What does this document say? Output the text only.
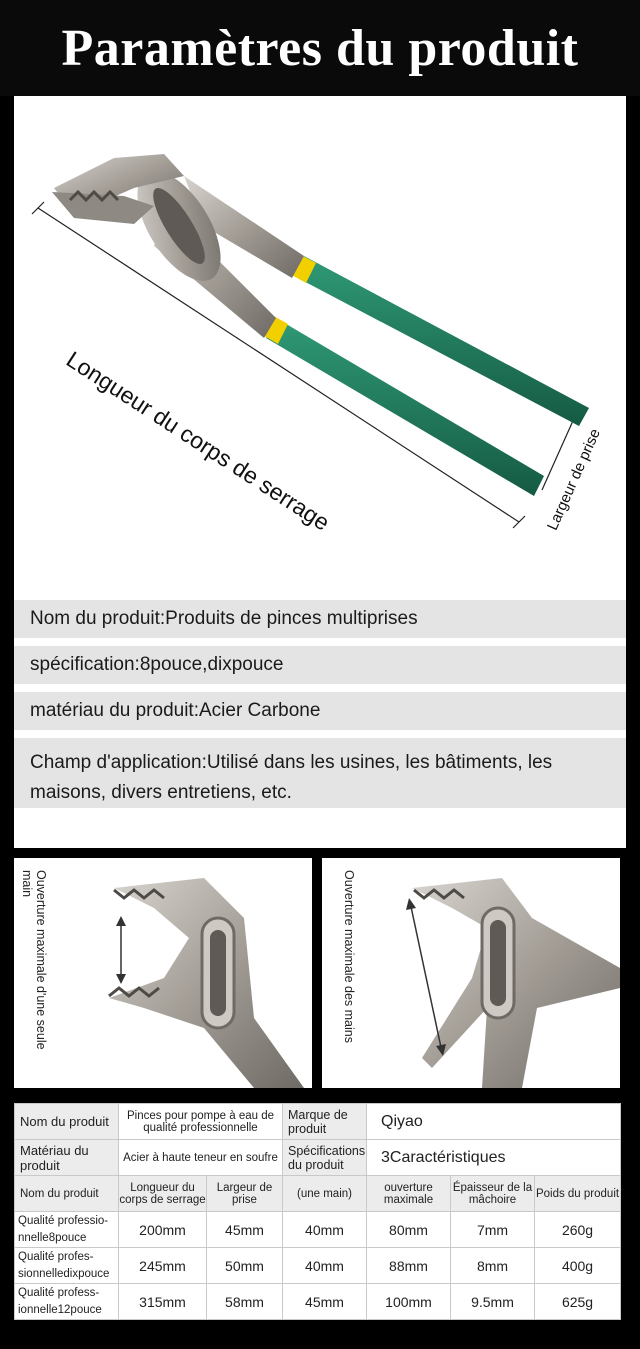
Paramètres du produit
Longueur du corps de serrage	Largeur de prise
Nom du produit:Produits de pinces multiprises
spécification:8pouce,dixpouce
matériau du produit:Acier Carbone
Champ d'application:Utilisé dans les usines, les bâtiments, les maisons, divers entretiens, etc.
Ouverture maximale d'une seule main	Ouverture maximale des mains
Nom du produit	Pinces pour pompe à eau de qualité professionnelle		Marque de produit	Qiyao		
Matériau du produit	Acier à haute teneur en soufre		Spécifications du produit	3Caractéristiques		
Nom du produit	Longueur du corps de serrage	Largeur de prise	(une main)	ouverture maximale	Épaisseur de la mâchoire	Poids du produit
Qualité professio-nnelle8pouce	200mm	45mm	40mm	80mm	7mm	260g
Qualité profes-sionnelledixpouce	245mm	50mm	40mm	88mm	8mm	400g
Qualité profess-ionnelle12pouce	315mm	58mm	45mm	100mm	9.5mm	625g
